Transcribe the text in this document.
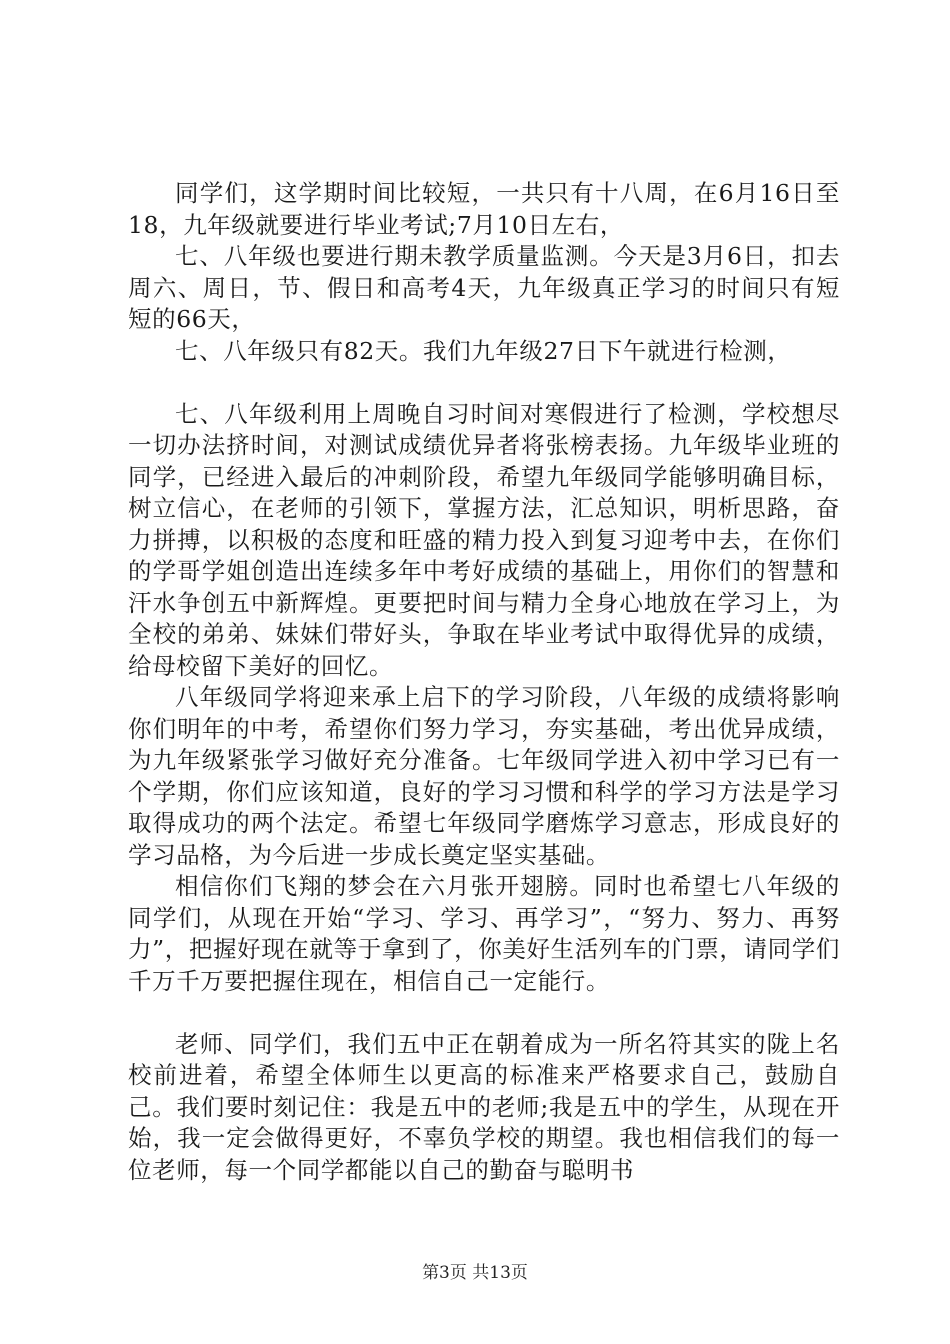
同学们，这学期时间比较短，一共只有十八周，在6月16日至18，九年级就要进行毕业考试;7月10日左右，

七、八年级也要进行期未教学质量监测。今天是3月6日，扣去周六、周日，节、假日和高考4天，九年级真正学习的时间只有短短的66天，

七、八年级只有82天。我们九年级27日下午就进行检测，

七、八年级利用上周晚自习时间对寒假进行了检测，学校想尽一切办法挤时间，对测试成绩优异者将张榜表扬。九年级毕业班的同学，已经进入最后的冲刺阶段，希望九年级同学能够明确目标，树立信心，在老师的引领下，掌握方法，汇总知识，明析思路，奋力拼搏，以积极的态度和旺盛的精力投入到复习迎考中去，在你们的学哥学姐创造出连续多年中考好成绩的基础上，用你们的智慧和汗水争创五中新辉煌。更要把时间与精力全身心地放在学习上，为全校的弟弟、妹妹们带好头，争取在毕业考试中取得优异的成绩，给母校留下美好的回忆。

八年级同学将迎来承上启下的学习阶段，八年级的成绩将影响你们明年的中考，希望你们努力学习，夯实基础，考出优异成绩，为九年级紧张学习做好充分准备。七年级同学进入初中学习已有一个学期，你们应该知道，良好的学习习惯和科学的学习方法是学习取得成功的两个法定。希望七年级同学磨炼学习意志，形成良好的学习品格，为今后进一步成长奠定坚实基础。

相信你们飞翔的梦会在六月张开翅膀。同时也希望七八年级的同学们，从现在开始“学习、学习、再学习”，“努力、努力、再努力”，把握好现在就等于拿到了，你美好生活列车的门票，请同学们千万千万要把握住现在，相信自己一定能行。

老师、同学们，我们五中正在朝着成为一所名符其实的陇上名校前进着，希望全体师生以更高的标准来严格要求自己，鼓励自己。我们要时刻记住：我是五中的老师;我是五中的学生，从现在开始，我一定会做得更好，不辜负学校的期望。我也相信我们的每一位老师，每一个同学都能以自己的勤奋与聪明书

第3页 共13页
